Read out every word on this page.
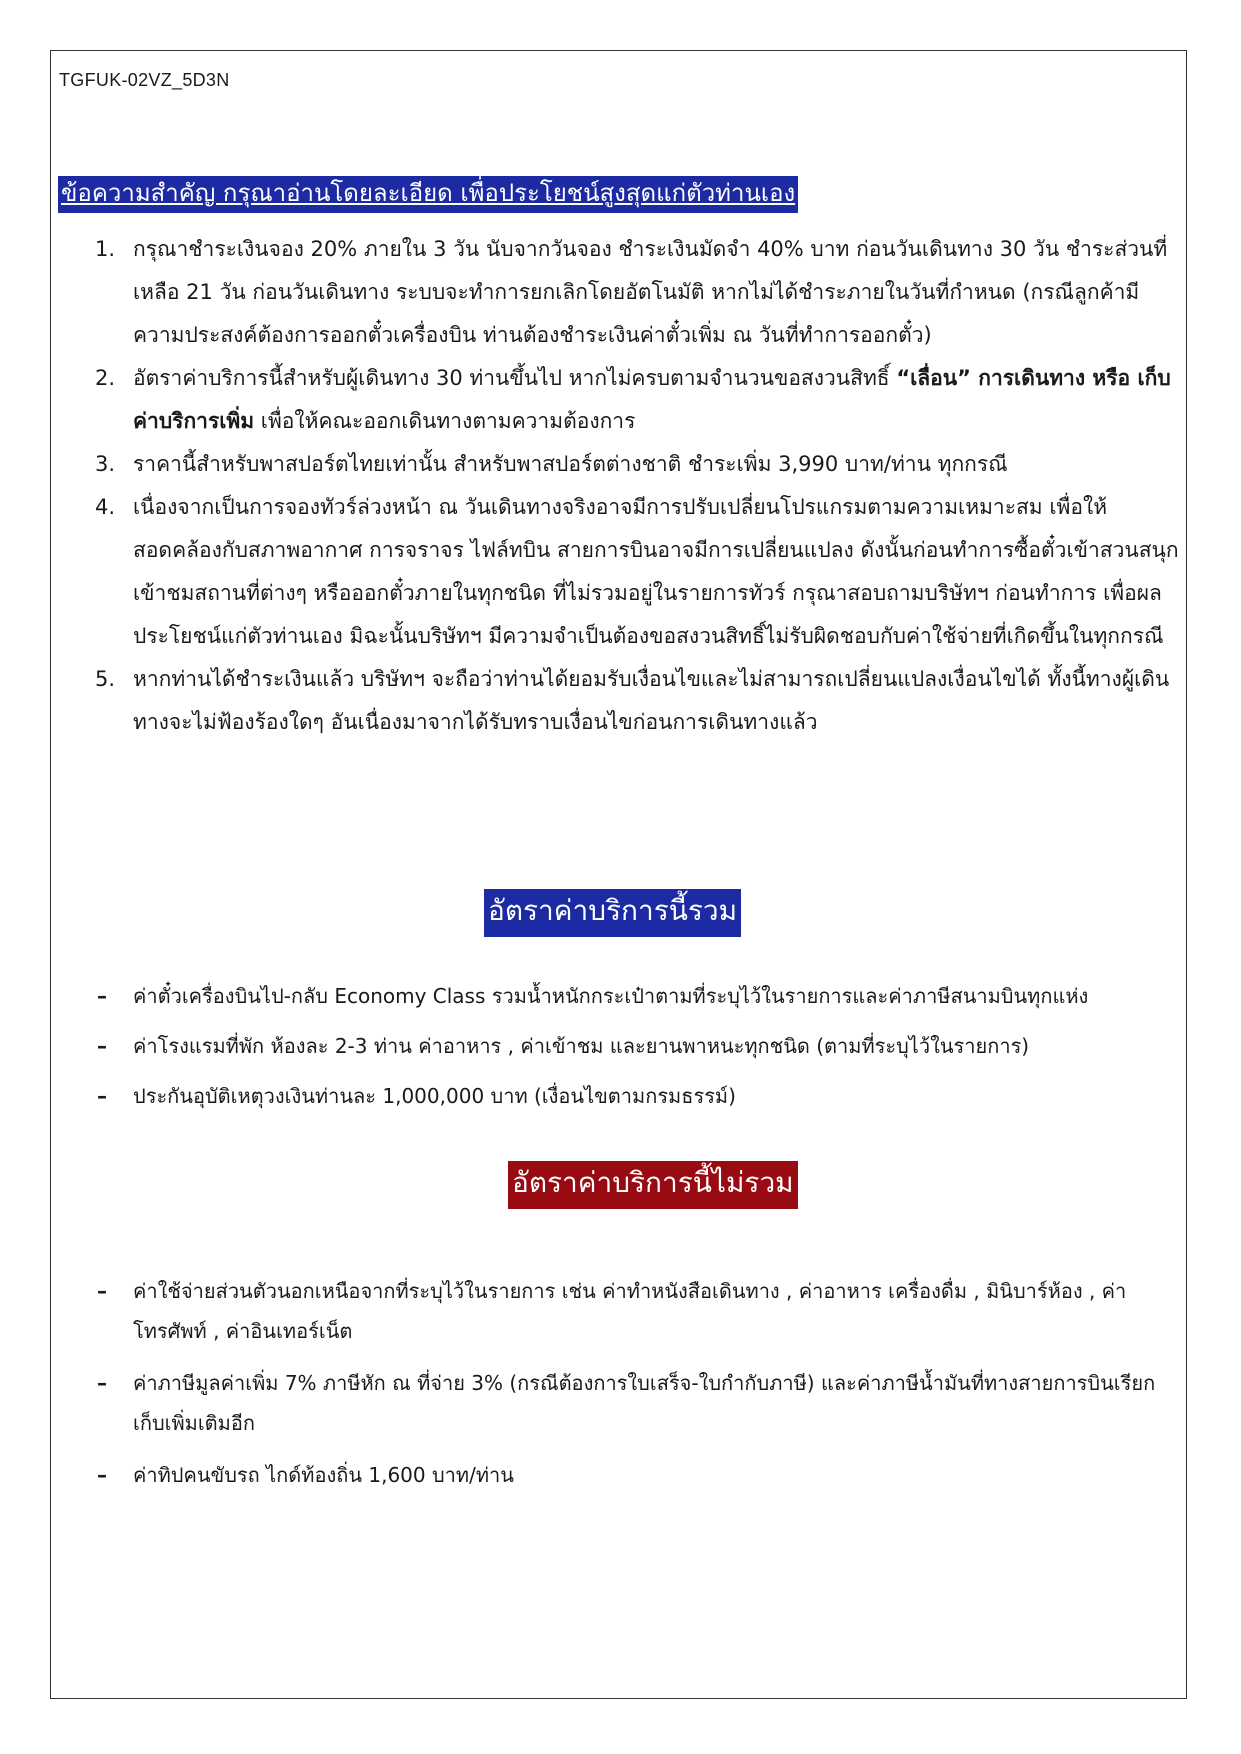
TGFUK-02VZ_5D3N
ข้อความสำคัญ กรุณาอ่านโดยละเอียด เพื่อประโยชน์สูงสุดแก่ตัวท่านเอง
1. กรุณาชำระเงินจอง 20% ภายใน 3 วัน นับจากวันจอง ชำระเงินมัดจำ 40% บาท ก่อนวันเดินทาง 30 วัน ชำระส่วนที่เหลือ 21 วัน ก่อนวันเดินทาง ระบบจะทำการยกเลิกโดยอัตโนมัติ หากไม่ได้ชำระภายในวันที่กำหนด (กรณีลูกค้ามีความประสงค์ต้องการออกตั๋วเครื่องบิน ท่านต้องชำระเงินค่าตั๋วเพิ่ม ณ วันที่ทำการออกตั๋ว)
2. อัตราค่าบริการนี้สำหรับผู้เดินทาง 30 ท่านขึ้นไป หากไม่ครบตามจำนวนขอสงวนสิทธิ์ “เลื่อน” การเดินทาง หรือ เก็บค่าบริการเพิ่ม เพื่อให้คณะออกเดินทางตามความต้องการ
3. ราคานี้สำหรับพาสปอร์ตไทยเท่านั้น สำหรับพาสปอร์ตต่างชาติ ชำระเพิ่ม 3,990 บาท/ท่าน ทุกกรณี
4. เนื่องจากเป็นการจองทัวร์ล่วงหน้า ณ วันเดินทางจริงอาจมีการปรับเปลี่ยนโปรแกรมตามความเหมาะสม เพื่อให้สอดคล้องกับสภาพอากาศ การจราจร ไฟล์ทบิน สายการบินอาจมีการเปลี่ยนแปลง ดังนั้นก่อนทำการซื้อตั๋วเข้าสวนสนุก เข้าชมสถานที่ต่างๆ หรือออกตั๋วภายในทุกชนิด ที่ไม่รวมอยู่ในรายการทัวร์ กรุณาสอบถามบริษัทฯ ก่อนทำการ เพื่อผลประโยชน์แก่ตัวท่านเอง มิฉะนั้นบริษัทฯ มีความจำเป็นต้องขอสงวนสิทธิ์ไม่รับผิดชอบกับค่าใช้จ่ายที่เกิดขึ้นในทุกกรณี
5. หากท่านได้ชำระเงินแล้ว บริษัทฯ จะถือว่าท่านได้ยอมรับเงื่อนไขและไม่สามารถเปลี่ยนแปลงเงื่อนไขได้ ทั้งนี้ทางผู้เดินทางจะไม่ฟ้องร้องใดๆ อันเนื่องมาจากได้รับทราบเงื่อนไขก่อนการเดินทางแล้ว
อัตราค่าบริการนี้รวม
– ค่าตั๋วเครื่องบินไป-กลับ Economy Class รวมน้ำหนักกระเป๋าตามที่ระบุไว้ในรายการและค่าภาษีสนามบินทุกแห่ง
– ค่าโรงแรมที่พัก ห้องละ 2-3 ท่าน ค่าอาหาร , ค่าเข้าชม และยานพาหนะทุกชนิด (ตามที่ระบุไว้ในรายการ)
– ประกันอุบัติเหตุวงเงินท่านละ 1,000,000 บาท (เงื่อนไขตามกรมธรรม์)
อัตราค่าบริการนี้ไม่รวม
– ค่าใช้จ่ายส่วนตัวนอกเหนือจากที่ระบุไว้ในรายการ เช่น ค่าทำหนังสือเดินทาง , ค่าอาหาร เครื่องดื่ม , มินิบาร์ห้อง , ค่าโทรศัพท์ , ค่าอินเทอร์เน็ต
– ค่าภาษีมูลค่าเพิ่ม 7% ภาษีหัก ณ ที่จ่าย 3% (กรณีต้องการใบเสร็จ-ใบกำกับภาษี) และค่าภาษีน้ำมันที่ทางสายการบินเรียกเก็บเพิ่มเติมอีก
– ค่าทิปคนขับรถ ไกด์ท้องถิ่น 1,600 บาท/ท่าน
